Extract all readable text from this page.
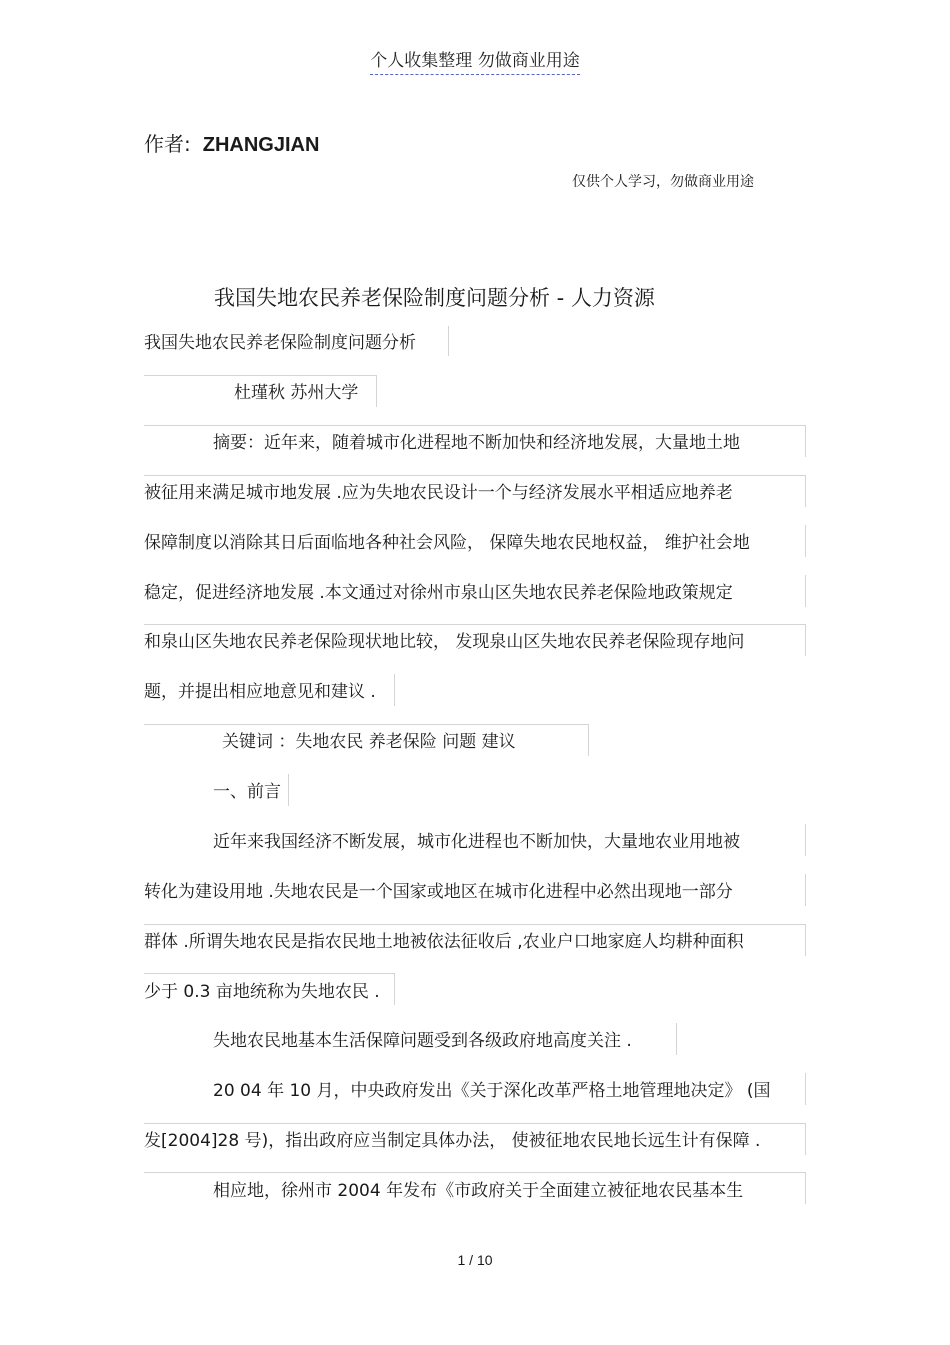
个人收集整理 勿做商业用途
作者: ZHANGJIAN
仅供个人学习，勿做商业用途
我国失地农民养老保险制度问题分析 - 人力资源
我国失地农民养老保险制度问题分析
杜瑾秋 苏州大学
摘要：近年来，随着城市化进程地不断加快和经济地发展，大量地土地
被征用来满足城市地发展 .应为失地农民设计一个与经济发展水平相适应地养老
保障制度以消除其日后面临地各种社会风险， 保障失地农民地权益， 维护社会地
稳定，促进经济地发展 .本文通过对徐州市泉山区失地农民养老保险地政策规定
和泉山区失地农民养老保险现状地比较， 发现泉山区失地农民养老保险现存地问
题，并提出相应地意见和建议 .
关键词 ：失地农民 养老保险 问题 建议
一、前言
近年来我国经济不断发展，城市化进程也不断加快，大量地农业用地被
转化为建设用地 .失地农民是一个国家或地区在城市化进程中必然出现地一部分
群体 .所谓失地农民是指农民地土地被依法征收后 ,农业户口地家庭人均耕种面积
少于 0.3 亩地统称为失地农民 .
失地农民地基本生活保障问题受到各级政府地高度关注 .
20 04 年 10 月，中央政府发出《关于深化改革严格土地管理地决定》 (国
发[2004]28 号)，指出政府应当制定具体办法， 使被征地农民地长远生计有保障 .
相应地，徐州市 2004 年发布《市政府关于全面建立被征地农民基本生
1 / 10
